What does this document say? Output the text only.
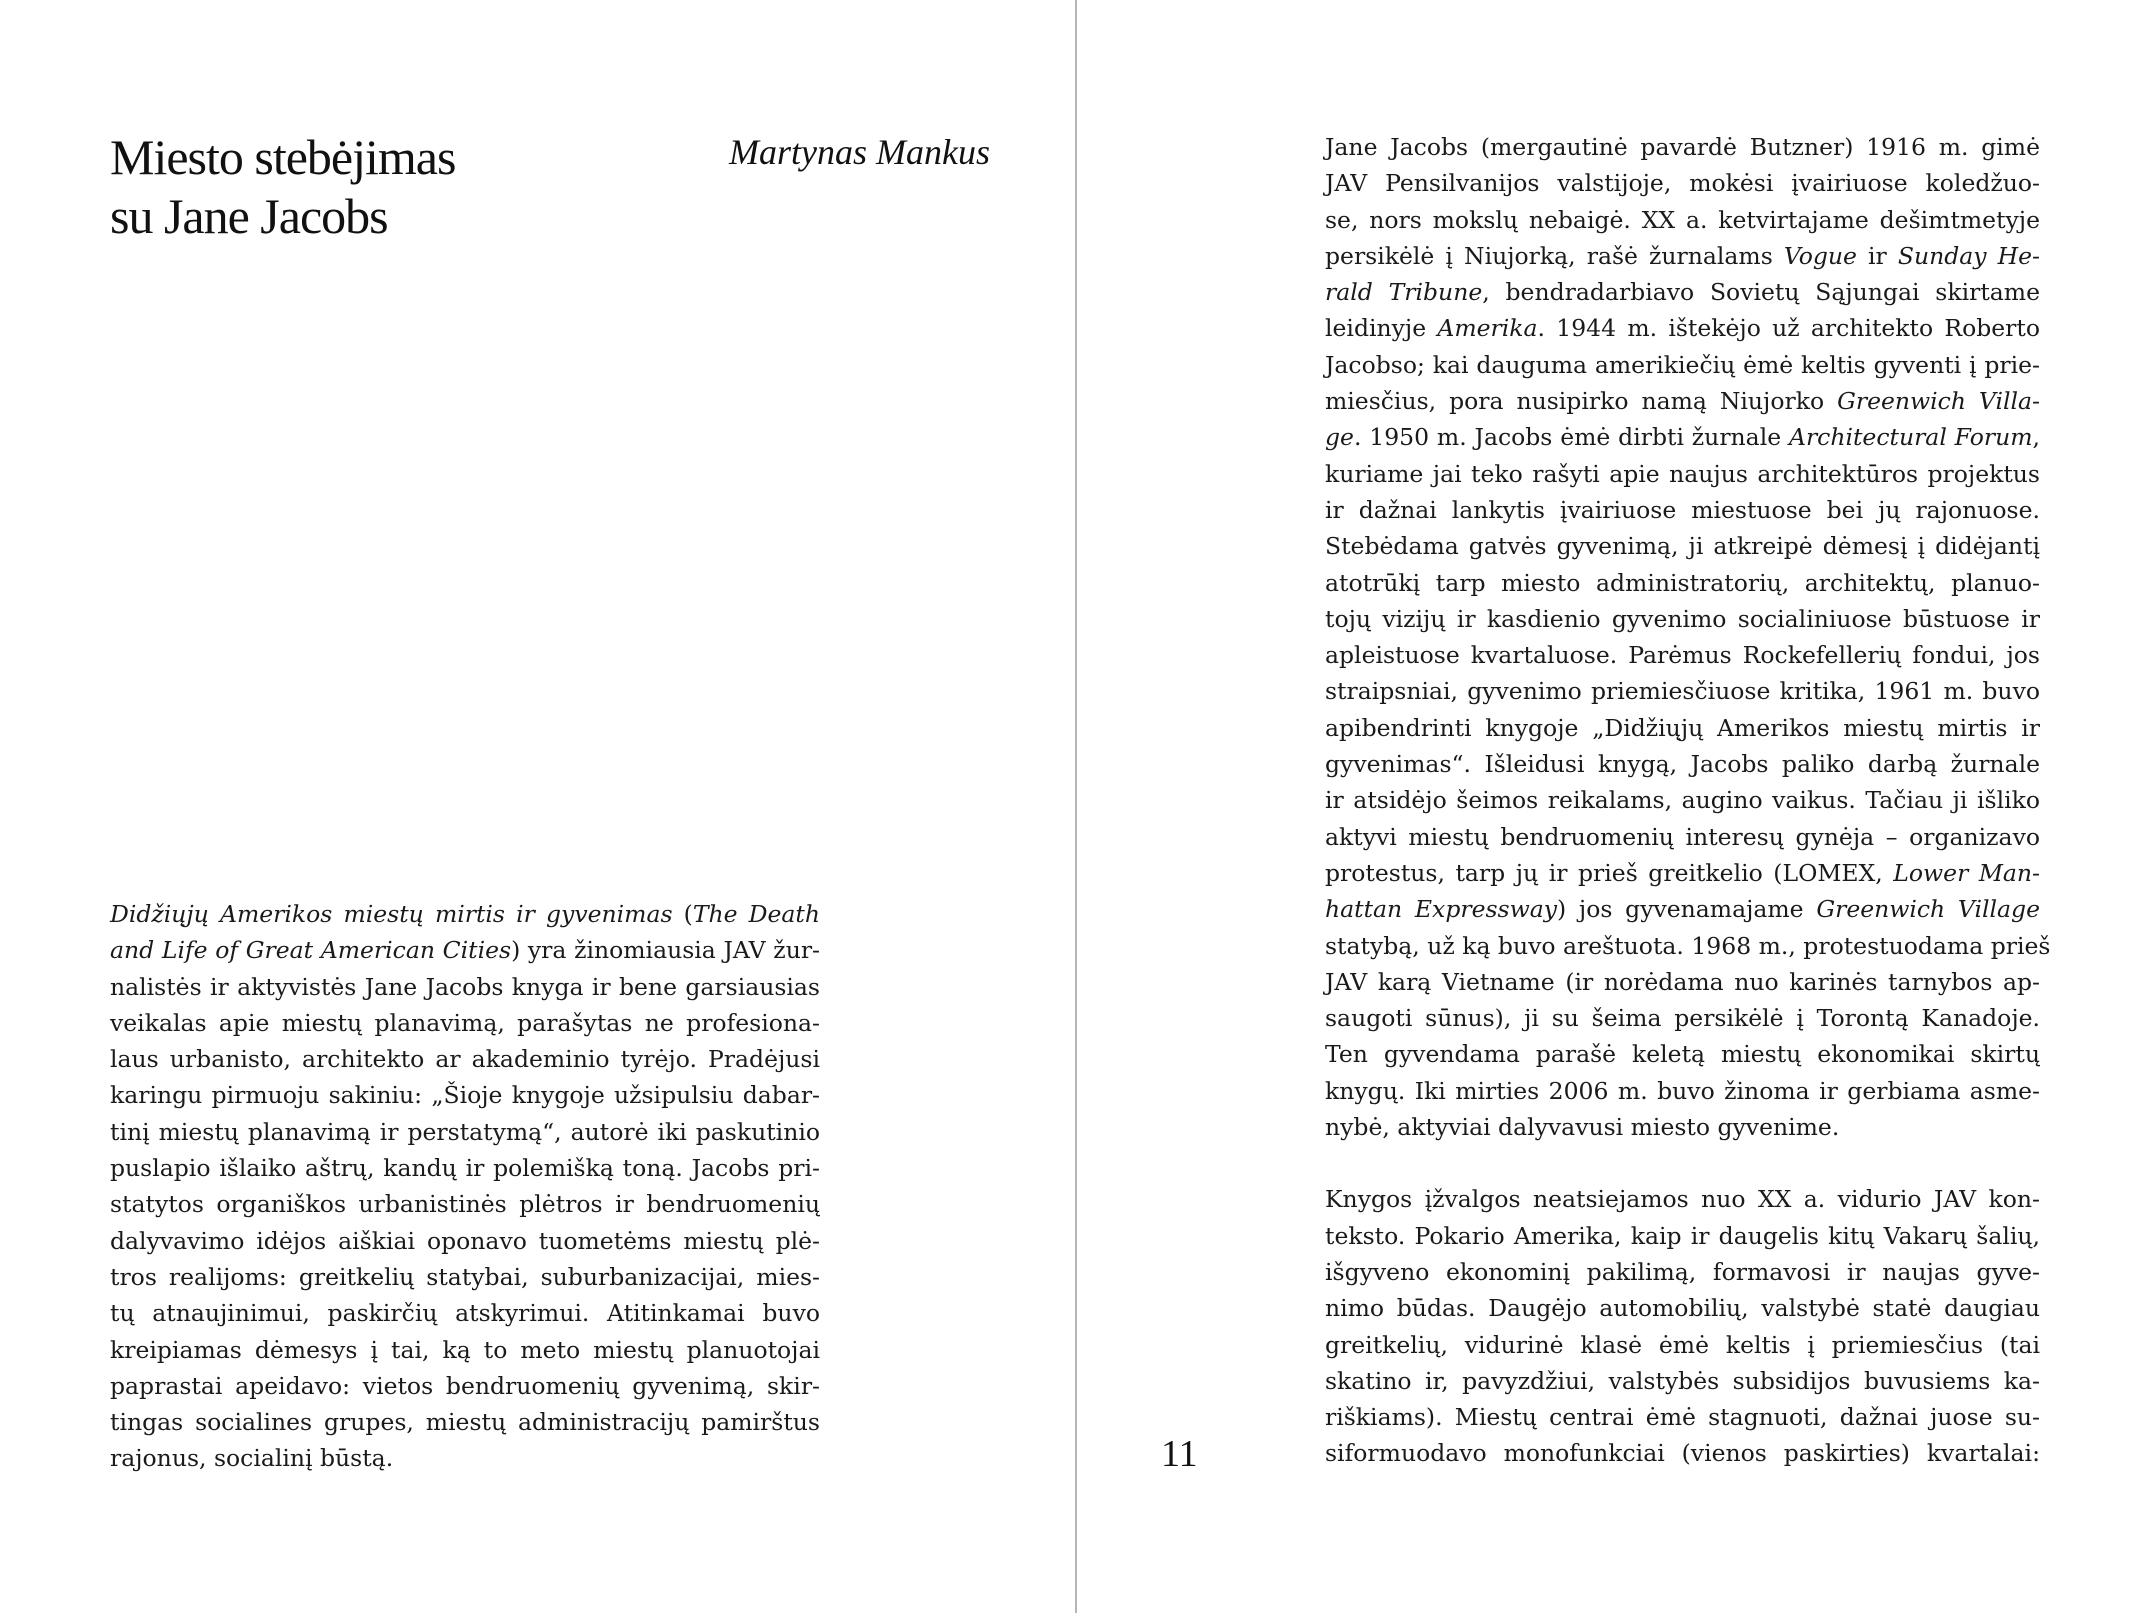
Miesto stebėjimas
su Jane Jacobs
Martynas Mankus
Didžiųjų Amerikos miestų mirtis ir gyvenimas (The Death
and Life of Great American Cities) yra žinomiausia JAV žur-
nalistės ir aktyvistės Jane Jacobs knyga ir bene garsiausias
veikalas apie miestų planavimą, parašytas ne profesiona-
laus urbanisto, architekto ar akademinio tyrėjo. Pradėjusi
karingu pirmuoju sakiniu: „Šioje knygoje užsipulsiu dabar-
tinį miestų planavimą ir perstatymą“, autorė iki paskutinio
puslapio išlaiko aštrų, kandų ir polemišką toną. Jacobs pri-
statytos organiškos urbanistinės plėtros ir bendruomenių
dalyvavimo idėjos aiškiai oponavo tuometėms miestų plė-
tros realijoms: greitkelių statybai, suburbanizacijai, mies-
tų atnaujinimui, paskirčių atskyrimui. Atitinkamai buvo
kreipiamas dėmesys į tai, ką to meto miestų planuotojai
paprastai apeidavo: vietos bendruomenių gyvenimą, skir-
tingas socialines grupes, miestų administracijų pamirštus
rajonus, socialinį būstą.	11
Jane Jacobs (mergautinė pavardė Butzner) 1916 m. gimė
JAV Pensilvanijos valstijoje, mokėsi įvairiuose koledžuo-
se, nors mokslų nebaigė. XX a. ketvirtajame dešimtmetyje
persikėlė į Niujorką, rašė žurnalams Vogue ir Sunday He-
rald Tribune, bendradarbiavo Sovietų Sąjungai skirtame
leidinyje Amerika. 1944 m. ištekėjo už architekto Roberto
Jacobso; kai dauguma amerikiečių ėmė keltis gyventi į prie-
miesčius, pora nusipirko namą Niujorko Greenwich Villa-
ge. 1950 m. Jacobs ėmė dirbti žurnale Architectural Forum,
kuriame jai teko rašyti apie naujus architektūros projektus
ir dažnai lankytis įvairiuose miestuose bei jų rajonuose.
Stebėdama gatvės gyvenimą, ji atkreipė dėmesį į didėjantį
atotrūkį tarp miesto administratorių, architektų, planuo-
tojų vizijų ir kasdienio gyvenimo socialiniuose būstuose ir
apleistuose kvartaluose. Parėmus Rockefellerių fondui, jos
straipsniai, gyvenimo priemiesčiuose kritika, 1961 m. buvo
apibendrinti knygoje „Didžiųjų Amerikos miestų mirtis ir
gyvenimas“. Išleidusi knygą, Jacobs paliko darbą žurnale
ir atsidėjo šeimos reikalams, augino vaikus. Tačiau ji išliko
aktyvi miestų bendruomenių interesų gynėja – organizavo
protestus, tarp jų ir prieš greitkelio (LOMEX, Lower Man-
hattan Expressway) jos gyvenamajame Greenwich Village
statybą, už ką buvo areštuota. 1968 m., protestuodama prieš
JAV karą Vietname (ir norėdama nuo karinės tarnybos ap-
saugoti sūnus), ji su šeima persikėlė į Torontą Kanadoje.
Ten gyvendama parašė keletą miestų ekonomikai skirtų
knygų. Iki mirties 2006 m. buvo žinoma ir gerbiama asme-
nybė, aktyviai dalyvavusi miesto gyvenime.
Knygos įžvalgos neatsiejamos nuo XX a. vidurio JAV kon-
teksto. Pokario Amerika, kaip ir daugelis kitų Vakarų šalių,
išgyveno ekonominį pakilimą, formavosi ir naujas gyve-
nimo būdas. Daugėjo automobilių, valstybė statė daugiau
greitkelių, vidurinė klasė ėmė keltis į priemiesčius (tai
skatino ir, pavyzdžiui, valstybės subsidijos buvusiems ka-
riškiams). Miestų centrai ėmė stagnuoti, dažnai juose su-
siformuodavo monofunkciai (vienos paskirties) kvartalai:
